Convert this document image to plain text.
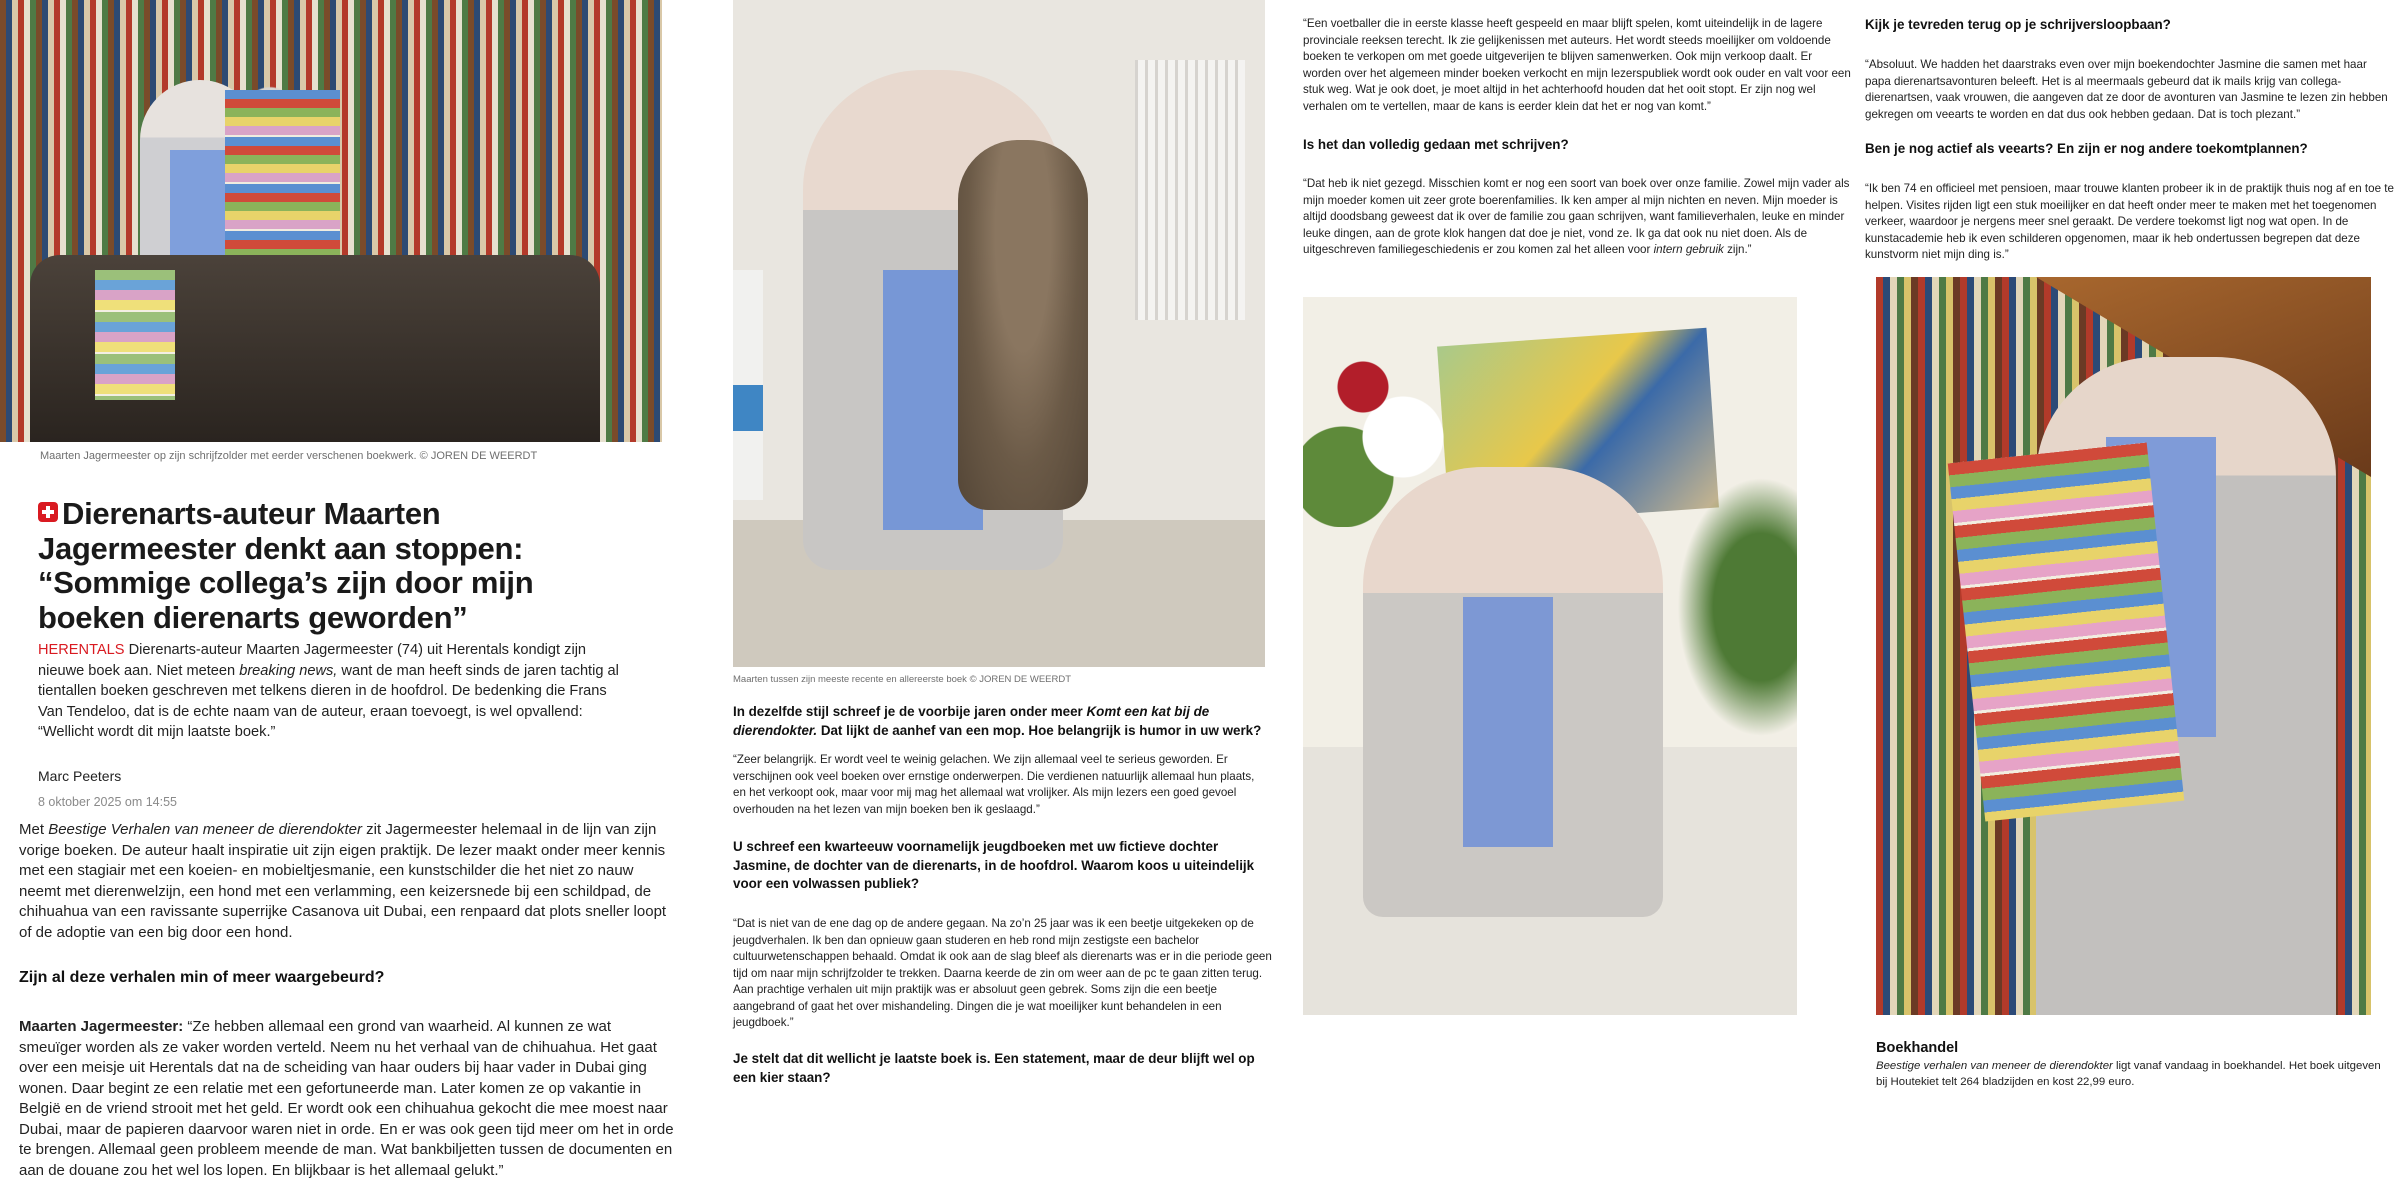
Maarten Jagermeester op zijn schrijfzolder met eerder verschenen boekwerk. © JOREN DE WEERDT
Dierenarts-auteur Maarten Jagermeester denkt aan stoppen: “Sommige collega’s zijn door mijn boeken dierenarts geworden”
HERENTALS Dierenarts-auteur Maarten Jagermeester (74) uit Herentals kondigt zijn nieuwe boek aan. Niet meteen breaking news, want de man heeft sinds de jaren tachtig al tientallen boeken geschreven met telkens dieren in de hoofdrol. De bedenking die Frans Van Tendeloo, dat is de echte naam van de auteur, eraan toevoegt, is wel opvallend: “Wellicht wordt dit mijn laatste boek.”
Marc Peeters
8 oktober 2025 om 14:55
Met Beestige Verhalen van meneer de dierendokter zit Jagermeester helemaal in de lijn van zijn vorige boeken. De auteur haalt inspiratie uit zijn eigen praktijk. De lezer maakt onder meer kennis met een stagiair met een koeien- en mobieltjesmanie, een kunstschilder die het niet zo nauw neemt met dierenwelzijn, een hond met een verlamming, een keizersnede bij een schildpad, de chihuahua van een ravissante superrijke Casanova uit Dubai, een renpaard dat plots sneller loopt of de adoptie van een big door een hond.
Zijn al deze verhalen min of meer waargebeurd?
Maarten Jagermeester: “Ze hebben allemaal een grond van waarheid. Al kunnen ze wat smeuïger worden als ze vaker worden verteld. Neem nu het verhaal van de chihuahua. Het gaat over een meisje uit Herentals dat na de scheiding van haar ouders bij haar vader in Dubai ging wonen. Daar begint ze een relatie met een gefortuneerde man. Later komen ze op vakantie in België en de vriend strooit met het geld. Er wordt ook een chihuahua gekocht die mee moest naar Dubai, maar de papieren daarvoor waren niet in orde. En er was ook geen tijd meer om het in orde te brengen. Allemaal geen probleem meende de man. Wat bankbiljetten tussen de documenten en aan de douane zou het wel los lopen. En blijkbaar is het allemaal gelukt.”
Maarten tussen zijn meeste recente en allereerste boek © JOREN DE WEERDT
In dezelfde stijl schreef je de voorbije jaren onder meer Komt een kat bij de dierendokter. Dat lijkt de aanhef van een mop. Hoe belangrijk is humor in uw werk?
“Zeer belangrijk. Er wordt veel te weinig gelachen. We zijn allemaal veel te serieus geworden. Er verschijnen ook veel boeken over ernstige onderwerpen. Die verdienen natuurlijk allemaal hun plaats, en het verkoopt ook, maar voor mij mag het allemaal wat vrolijker. Als mijn lezers een goed gevoel overhouden na het lezen van mijn boeken ben ik geslaagd.”
U schreef een kwarteeuw voornamelijk jeugdboeken met uw fictieve dochter Jasmine, de dochter van de dierenarts, in de hoofdrol. Waarom koos u uiteindelijk voor een volwassen publiek?
“Dat is niet van de ene dag op de andere gegaan. Na zo’n 25 jaar was ik een beetje uitgekeken op de jeugdverhalen. Ik ben dan opnieuw gaan studeren en heb rond mijn zestigste een bachelor cultuurwetenschappen behaald. Omdat ik ook aan de slag bleef als dierenarts was er in die periode geen tijd om naar mijn schrijfzolder te trekken. Daarna keerde de zin om weer aan de pc te gaan zitten terug. Aan prachtige verhalen uit mijn praktijk was er absoluut geen gebrek. Soms zijn die een beetje aangebrand of gaat het over mishandeling. Dingen die je wat moeilijker kunt behandelen in een jeugdboek.”
Je stelt dat dit wellicht je laatste boek is. Een statement, maar de deur blijft wel op een kier staan?
“Een voetballer die in eerste klasse heeft gespeeld en maar blijft spelen, komt uiteindelijk in de lagere provinciale reeksen terecht. Ik zie gelijkenissen met auteurs. Het wordt steeds moeilijker om voldoende boeken te verkopen om met goede uitgeverijen te blijven samenwerken. Ook mijn verkoop daalt. Er worden over het algemeen minder boeken verkocht en mijn lezerspubliek wordt ook ouder en valt voor een stuk weg. Wat je ook doet, je moet altijd in het achterhoofd houden dat het ooit stopt. Er zijn nog wel verhalen om te vertellen, maar de kans is eerder klein dat het er nog van komt.”
Is het dan volledig gedaan met schrijven?
“Dat heb ik niet gezegd. Misschien komt er nog een soort van boek over onze familie. Zowel mijn vader als mijn moeder komen uit zeer grote boerenfamilies. Ik ken amper al mijn nichten en neven. Mijn moeder is altijd doodsbang geweest dat ik over de familie zou gaan schrijven, want familieverhalen, leuke en minder leuke dingen, aan de grote klok hangen dat doe je niet, vond ze. Ik ga dat ook nu niet doen. Als de uitgeschreven familiegeschiedenis er zou komen zal het alleen voor intern gebruik zijn.”
Kijk je tevreden terug op je schrijversloopbaan?
“Absoluut. We hadden het daarstraks even over mijn boekendochter Jasmine die samen met haar papa dierenartsavonturen beleeft. Het is al meermaals gebeurd dat ik mails krijg van collega-dierenartsen, vaak vrouwen, die aangeven dat ze door de avonturen van Jasmine te lezen zin hebben gekregen om veearts te worden en dat dus ook hebben gedaan. Dat is toch plezant.”
Ben je nog actief als veearts? En zijn er nog andere toekomtplannen?
“Ik ben 74 en officieel met pensioen, maar trouwe klanten probeer ik in de praktijk thuis nog af en toe te helpen. Visites rijden ligt een stuk moeilijker en dat heeft onder meer te maken met het toegenomen verkeer, waardoor je nergens meer snel geraakt. De verdere toekomst ligt nog wat open. In de kunstacademie heb ik even schilderen opgenomen, maar ik heb ondertussen begrepen dat deze kunstvorm niet mijn ding is.”
Boekhandel
Beestige verhalen van meneer de dierendokter ligt vanaf vandaag in boekhandel. Het boek uitgeven bij Houtekiet telt 264 bladzijden en kost 22,99 euro.
